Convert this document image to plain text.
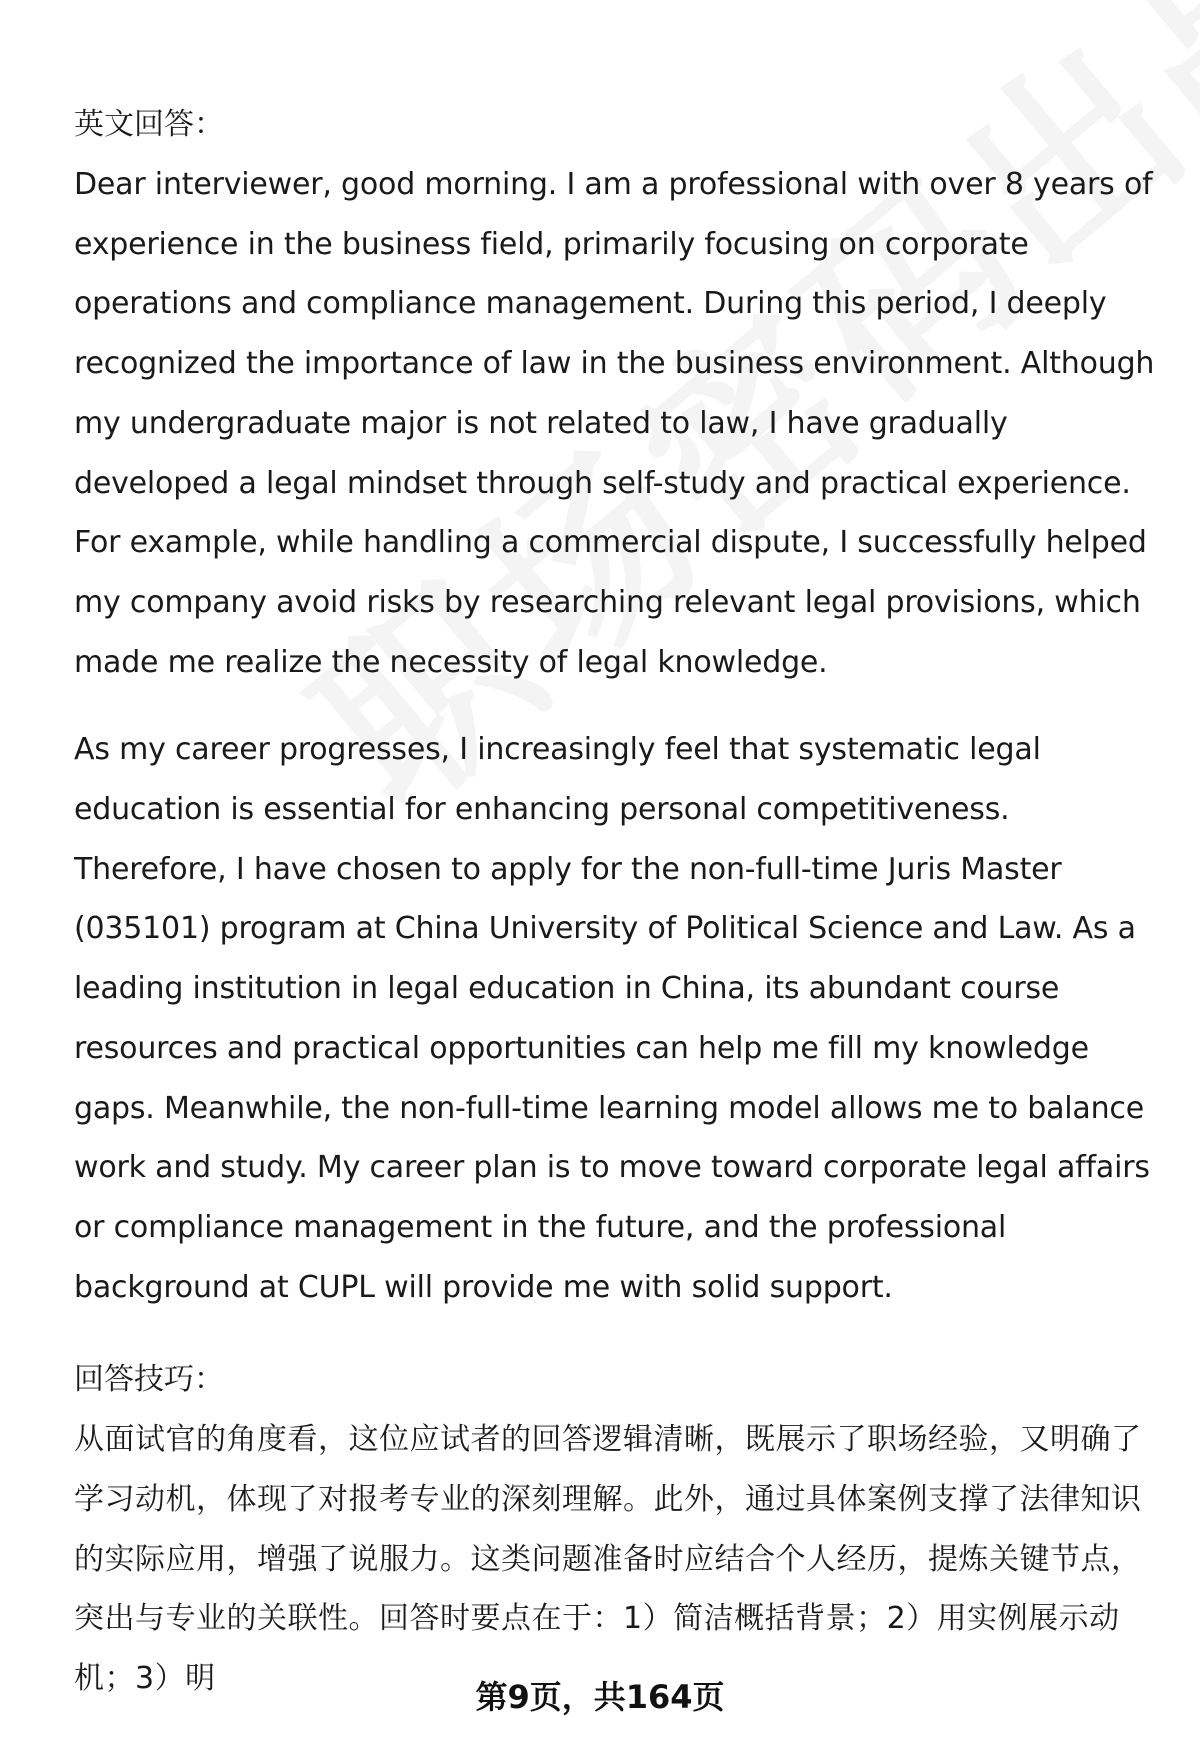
英文回答：

Dear interviewer, good morning. I am a professional with over 8 years of experience in the business field, primarily focusing on corporate operations and compliance management. During this period, I deeply recognized the importance of law in the business environment. Although my undergraduate major is not related to law, I have gradually developed a legal mindset through self-study and practical experience. For example, while handling a commercial dispute, I successfully helped my company avoid risks by researching relevant legal provisions, which made me realize the necessity of legal knowledge.

As my career progresses, I increasingly feel that systematic legal education is essential for enhancing personal competitiveness. Therefore, I have chosen to apply for the non-full-time Juris Master (035101) program at China University of Political Science and Law. As a leading institution in legal education in China, its abundant course resources and practical opportunities can help me fill my knowledge gaps. Meanwhile, the non-full-time learning model allows me to balance work and study. My career plan is to move toward corporate legal affairs or compliance management in the future, and the professional background at CUPL will provide me with solid support.

回答技巧：

从面试官的角度看，这位应试者的回答逻辑清晰，既展示了职场经验，又明确了学习动机，体现了对报考专业的深刻理解。此外，通过具体案例支撑了法律知识的实际应用，增强了说服力。这类问题准备时应结合个人经历，提炼关键节点，突出与专业的关联性。回答时要点在于：1）简洁概括背景；2）用实例展示动机；3）明	第9页，共164页
